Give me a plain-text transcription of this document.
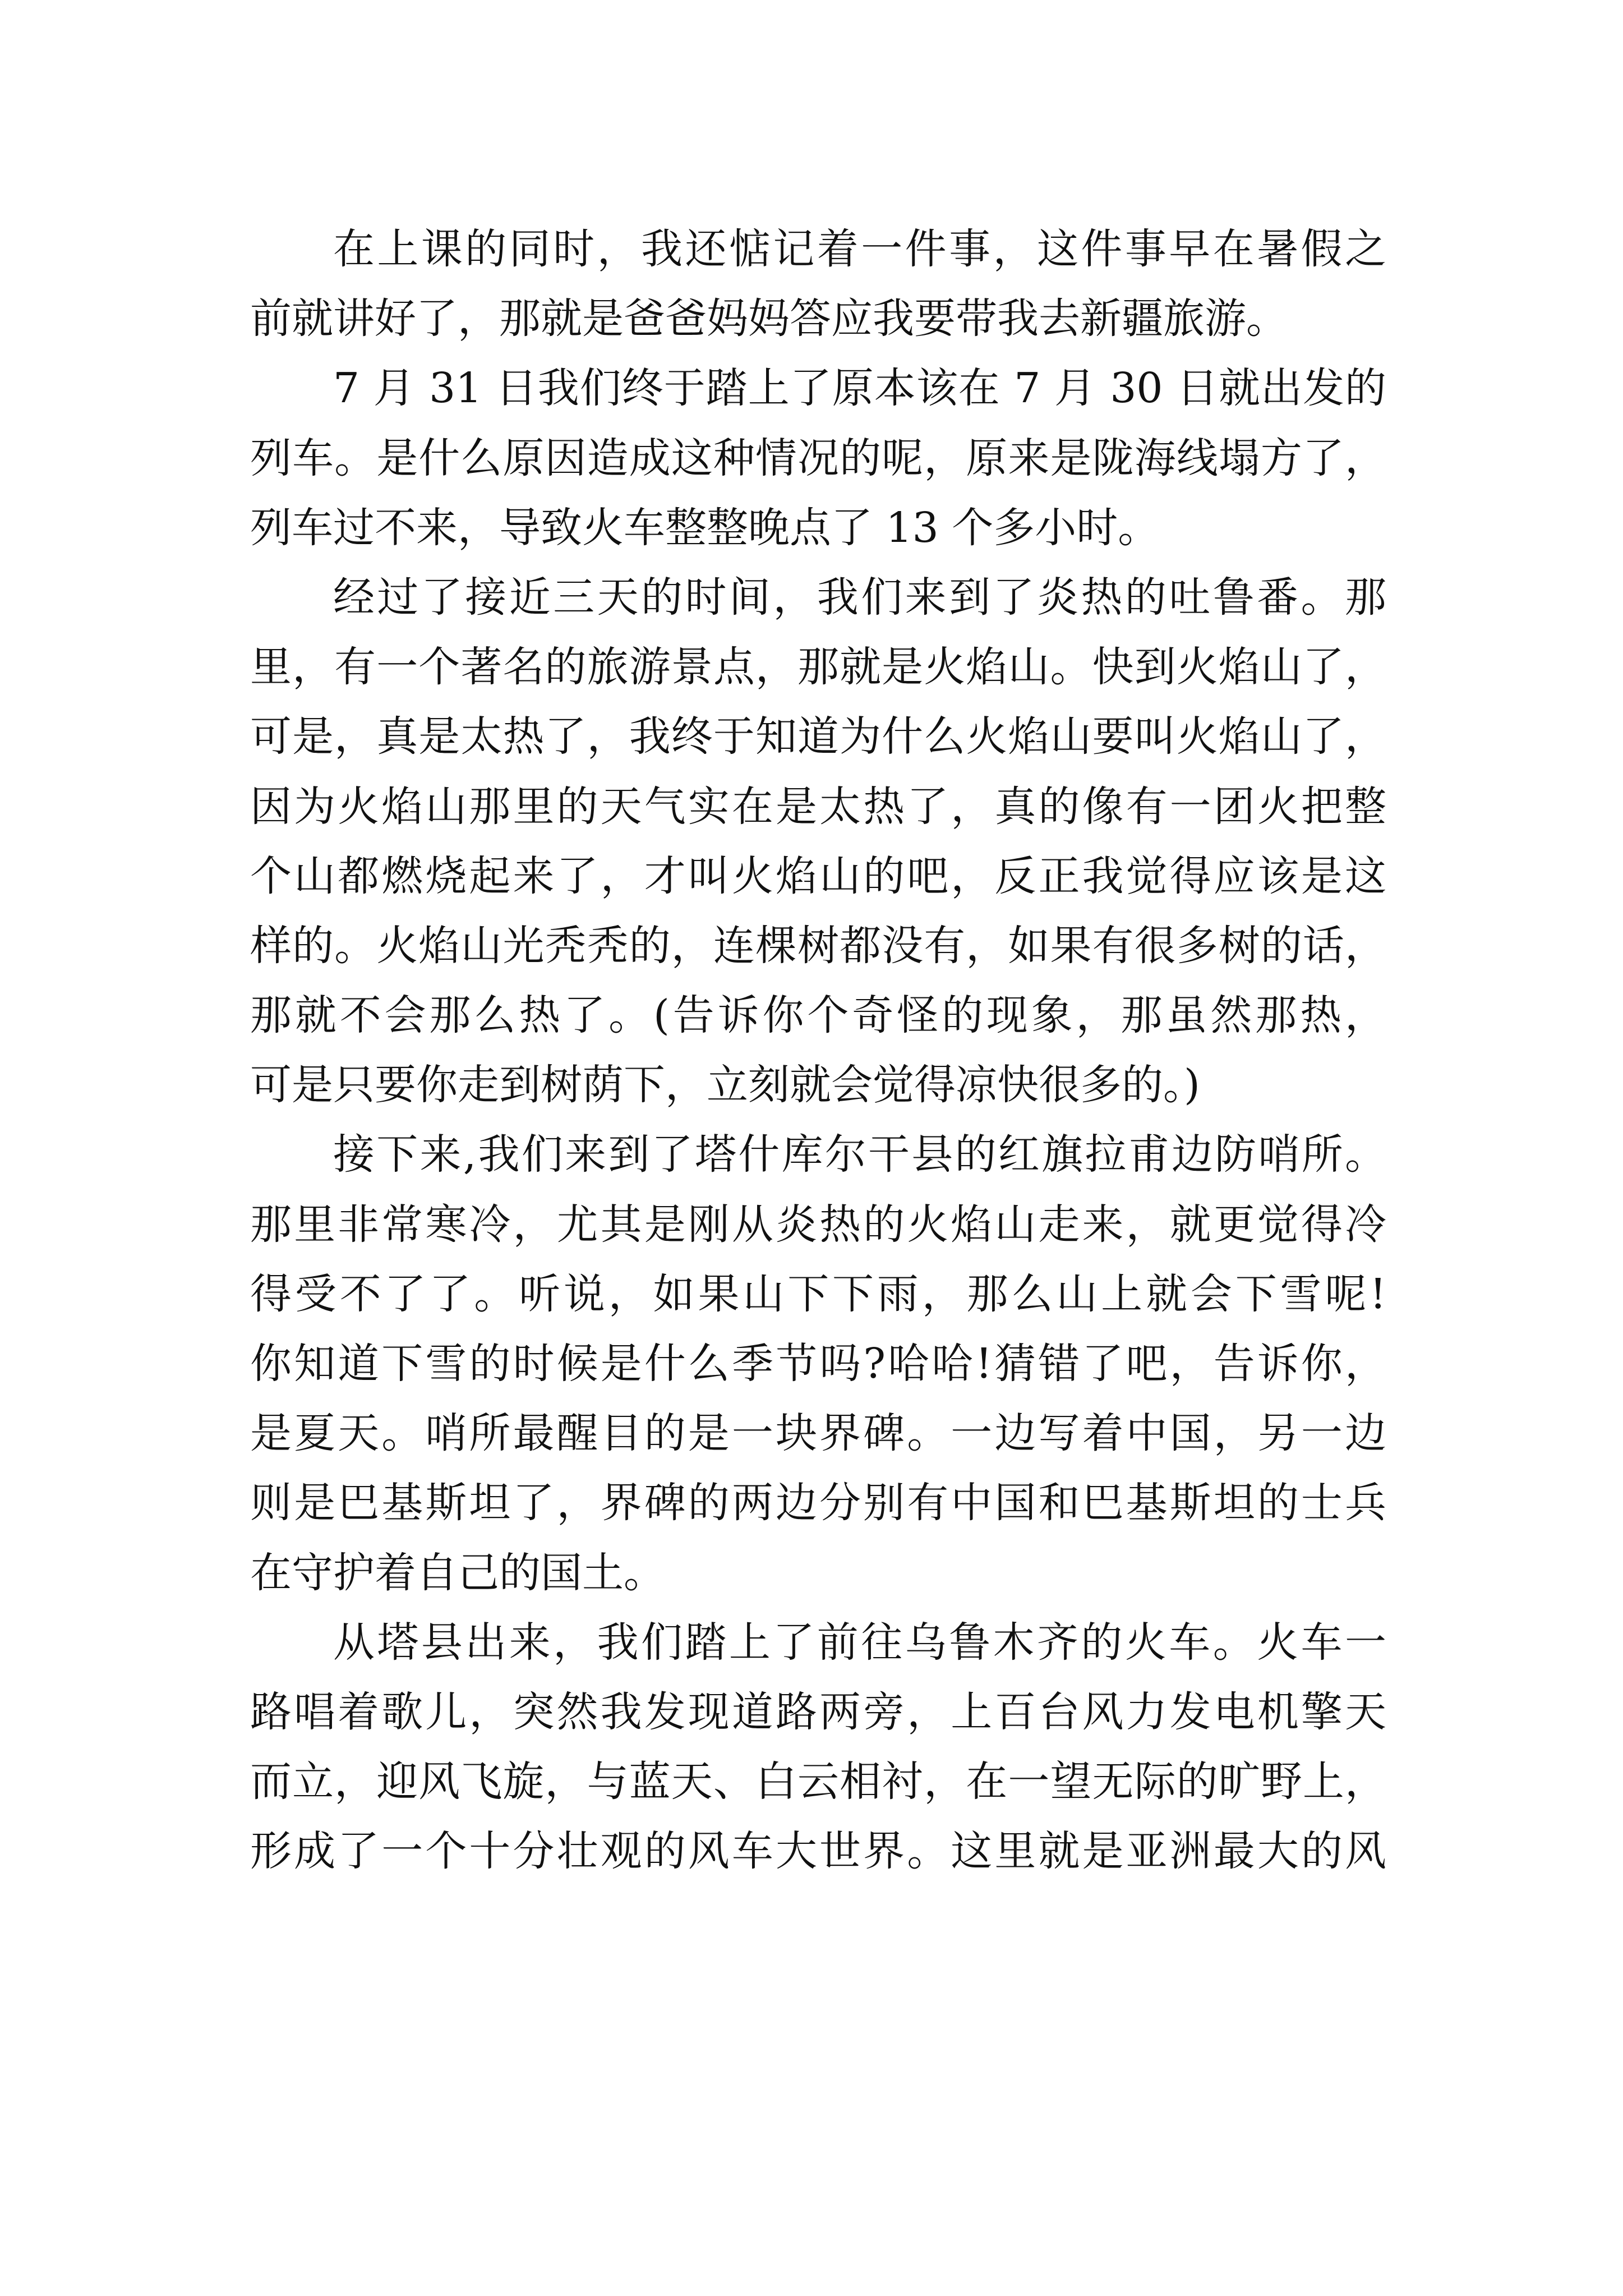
在上课的同时，我还惦记着一件事，这件事早在暑假之
前就讲好了，那就是爸爸妈妈答应我要带我去新疆旅游。
7 月 31 日我们终于踏上了原本该在 7 月 30 日就出发的
列车。是什么原因造成这种情况的呢，原来是陇海线塌方了，
列车过不来，导致火车整整晚点了 13 个多小时。
经过了接近三天的时间，我们来到了炎热的吐鲁番。那
里，有一个著名的旅游景点，那就是火焰山。快到火焰山了，
可是，真是太热了，我终于知道为什么火焰山要叫火焰山了，
因为火焰山那里的天气实在是太热了，真的像有一团火把整
个山都燃烧起来了，才叫火焰山的吧，反正我觉得应该是这
样的。火焰山光秃秃的，连棵树都没有，如果有很多树的话，
那就不会那么热了。(告诉你个奇怪的现象，那虽然那热，
可是只要你走到树荫下，立刻就会觉得凉快很多的。)
接下来,我们来到了塔什库尔干县的红旗拉甫边防哨所。
那里非常寒冷，尤其是刚从炎热的火焰山走来，就更觉得冷
得受不了了。听说，如果山下下雨，那么山上就会下雪呢!
你知道下雪的时候是什么季节吗?哈哈!猜错了吧，告诉你，
是夏天。哨所最醒目的是一块界碑。一边写着中国，另一边
则是巴基斯坦了，界碑的两边分别有中国和巴基斯坦的士兵
在守护着自己的国土。
从塔县出来，我们踏上了前往乌鲁木齐的火车。火车一
路唱着歌儿，突然我发现道路两旁，上百台风力发电机擎天
而立，迎风飞旋，与蓝天、白云相衬，在一望无际的旷野上，
形成了一个十分壮观的风车大世界。这里就是亚洲最大的风
